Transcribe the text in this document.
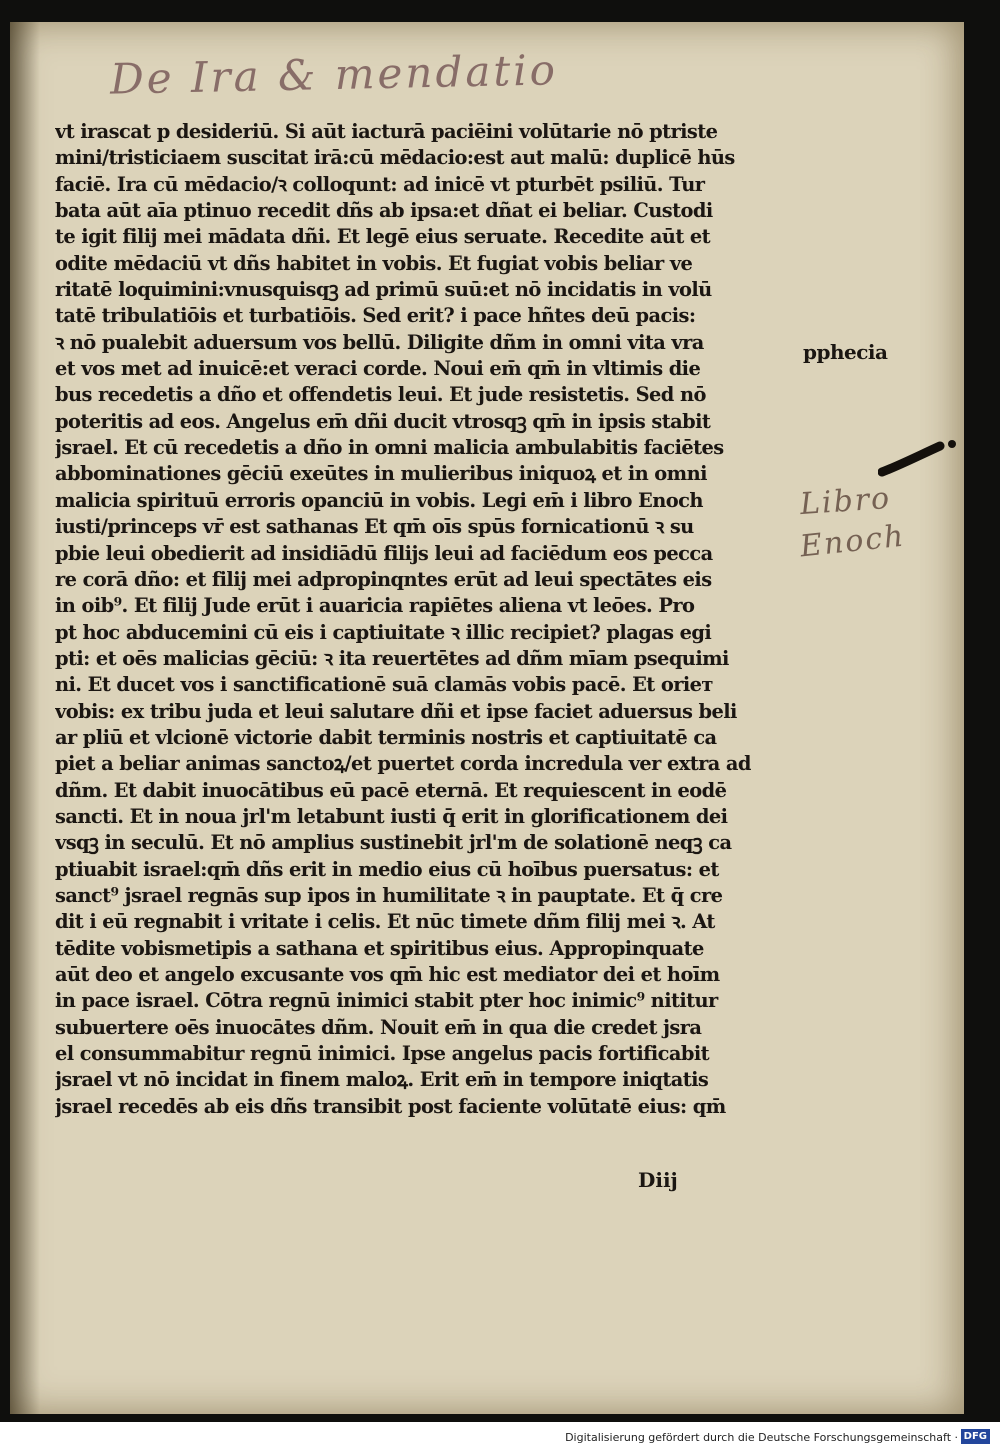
De Ira & mendatio
vt irascat p desideriū. Si aūt iacturā paciēini volūtarie nō ptriste
mini/tristiciaem suscitat irā:cū mēdacio:est aut malū: duplicē hūs
faciē. Ira cū mēdacio/ꝛ colloqunt: ad inicē vt pturbēt psiliū. Tur
bata aūt aīa ptinuo recedit dñs ab ipsa:et dñat ei beliar. Custodi
te igit filij mei mādata dñi. Et legē eius seruate. Recedite aūt et
odite mēdaciū vt dñs habitet in vobis. Et fugiat vobis beliar ve
ritatē loquimini:vnusquisqꝫ ad primū suū:et nō incidatis in volū
tatē tribulatiōis et turbatiōis. Sed erit? i pace hñtes deū pacis:
ꝛ nō pualebit aduersum vos bellū. Diligite dñm in omni vita vra
et vos met ad inuicē:et veraci corde. Noui em̄ qm̄ in vltimis die
bus recedetis a dño et offendetis leui. Et jude resistetis. Sed nō
poteritis ad eos. Angelus em̄ dñi ducit vtrosqꝫ qm̄ in ipsis stabit
jsrael. Et cū recedetis a dño in omni malicia ambulabitis faciētes
abbominationes gēciū exeūtes in mulieribus iniquoꝝ et in omni
malicia spirituū erroris opanciū in vobis. Legi em̄ i libro Enoch
iusti/princeps vr̄ est sathanas Et qm̄ oīs spūs fornicationū ꝛ su
pbie leui obedierit ad insidiādū filijs leui ad faciēdum eos pecca
re corā dño: et filij mei adpropinqntes erūt ad leui spectātes eis
in oib⁹. Et filij Jude erūt i auaricia rapiētes aliena vt leōes. Pro
pt hoc abducemini cū eis i captiuitate ꝛ illic recipiet? plagas egi
pti: et oēs malicias gēciū: ꝛ ita reuertētes ad dñm mīam psequimi
ni. Et ducet vos i sanctificationē suā clamās vobis pacē. Et orieт
vobis: ex tribu juda et leui salutare dñi et ipse faciet aduersus beli
ar pliū et vlcionē victorie dabit terminis nostris et captiuitatē ca
piet a beliar animas sanctoꝝ/et puertet corda incredula ver extra ad
dñm. Et dabit inuocātibus eū pacē eternā. Et requiescent in eodē
sancti. Et in noua jrl'm letabunt iusti q̄ erit in glorificationem dei
vsqꝫ in seculū. Et nō amplius sustinebit jrl'm de solationē neqꝫ ca
ptiuabit israel:qm̄ dñs erit in medio eius cū hoībus puersatus: et
sanct⁹ jsrael regnās sup ipos in humilitate ꝛ in pauptate. Et q̄ cre
dit i eū regnabit i vritate i celis. Et nūc timete dñm filij mei ꝛ. At
tēdite vobismetipis a sathana et spiritibus eius. Appropinquate
aūt deo et angelo excusante vos qm̄ hic est mediator dei et hoīm
in pace israel. Cōtra regnū inimici stabit pter hoc inimic⁹ nititur
subuertere oēs inuocātes dñm. Nouit em̄ in qua die credet jsra
el consummabitur regnū inimici. Ipse angelus pacis fortificabit
jsrael vt nō incidat in finem maloꝝ. Erit em̄ in tempore iniqtatis
jsrael recedēs ab eis dñs transibit post faciente volūtatē eius: qm̄
pphecia
Libro
Enoch
Diij
Digitalisierung gefördert durch die Deutsche Forschungsgemeinschaft · DFG
